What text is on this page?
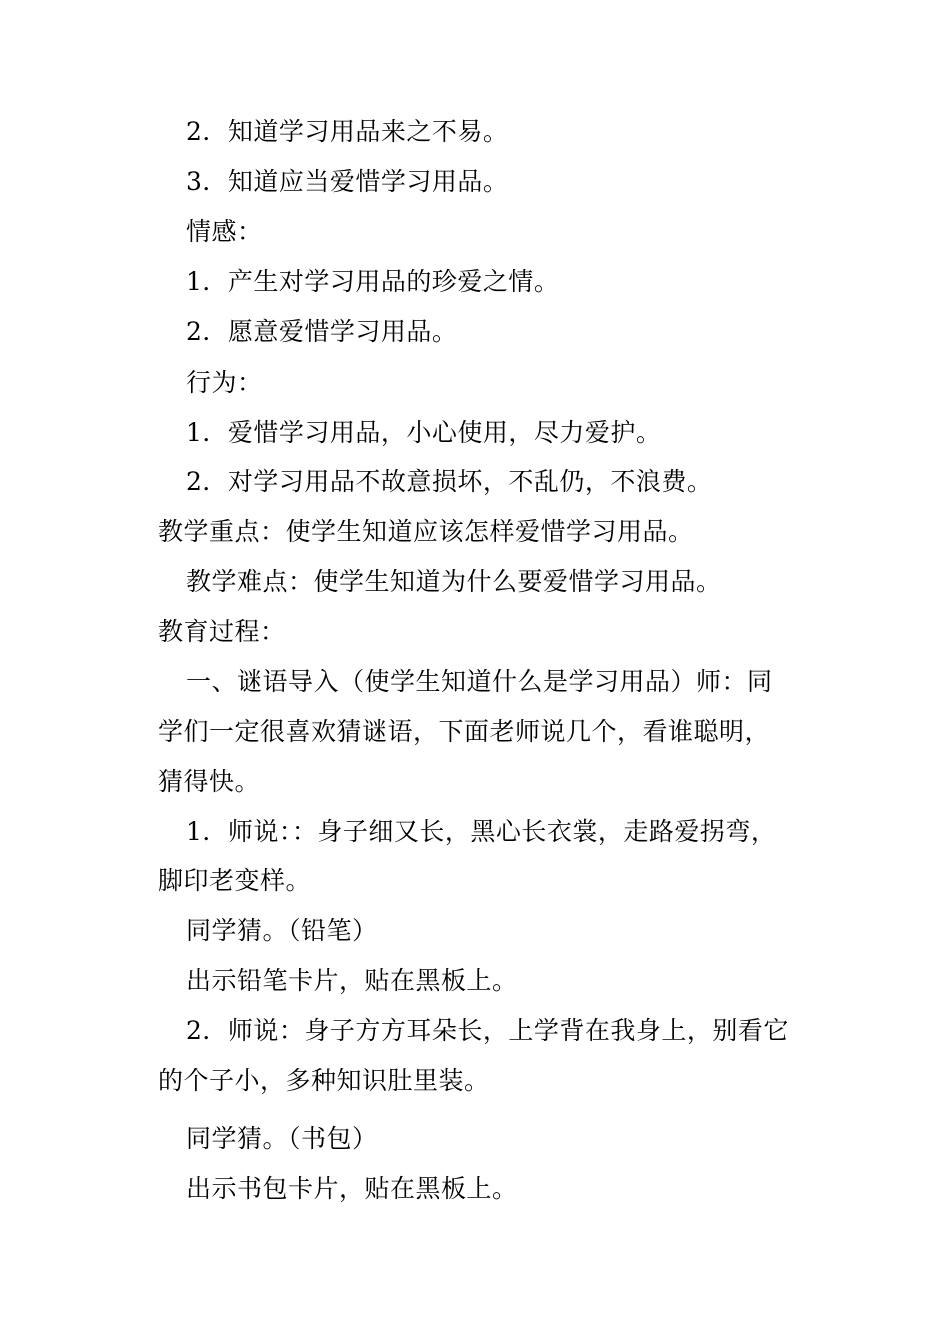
2．知道学习用品来之不易。
3．知道应当爱惜学习用品。
情感：
1．产生对学习用品的珍爱之情。
2．愿意爱惜学习用品。
行为：
1．爱惜学习用品，小心使用，尽力爱护。
2．对学习用品不故意损坏，不乱仍，不浪费。
教学重点：使学生知道应该怎样爱惜学习用品。
教学难点：使学生知道为什么要爱惜学习用品。
教育过程：
一、谜语导入（使学生知道什么是学习用品）师：同
学们一定很喜欢猜谜语，下面老师说几个，看谁聪明，
猜得快。
1．师说：：身子细又长，黑心长衣裳，走路爱拐弯，
脚印老变样。
同学猜。（铅笔）
出示铅笔卡片，贴在黑板上。
2．师说：身子方方耳朵长，上学背在我身上，别看它
的个子小，多种知识肚里装。
同学猜。（书包）
出示书包卡片，贴在黑板上。
